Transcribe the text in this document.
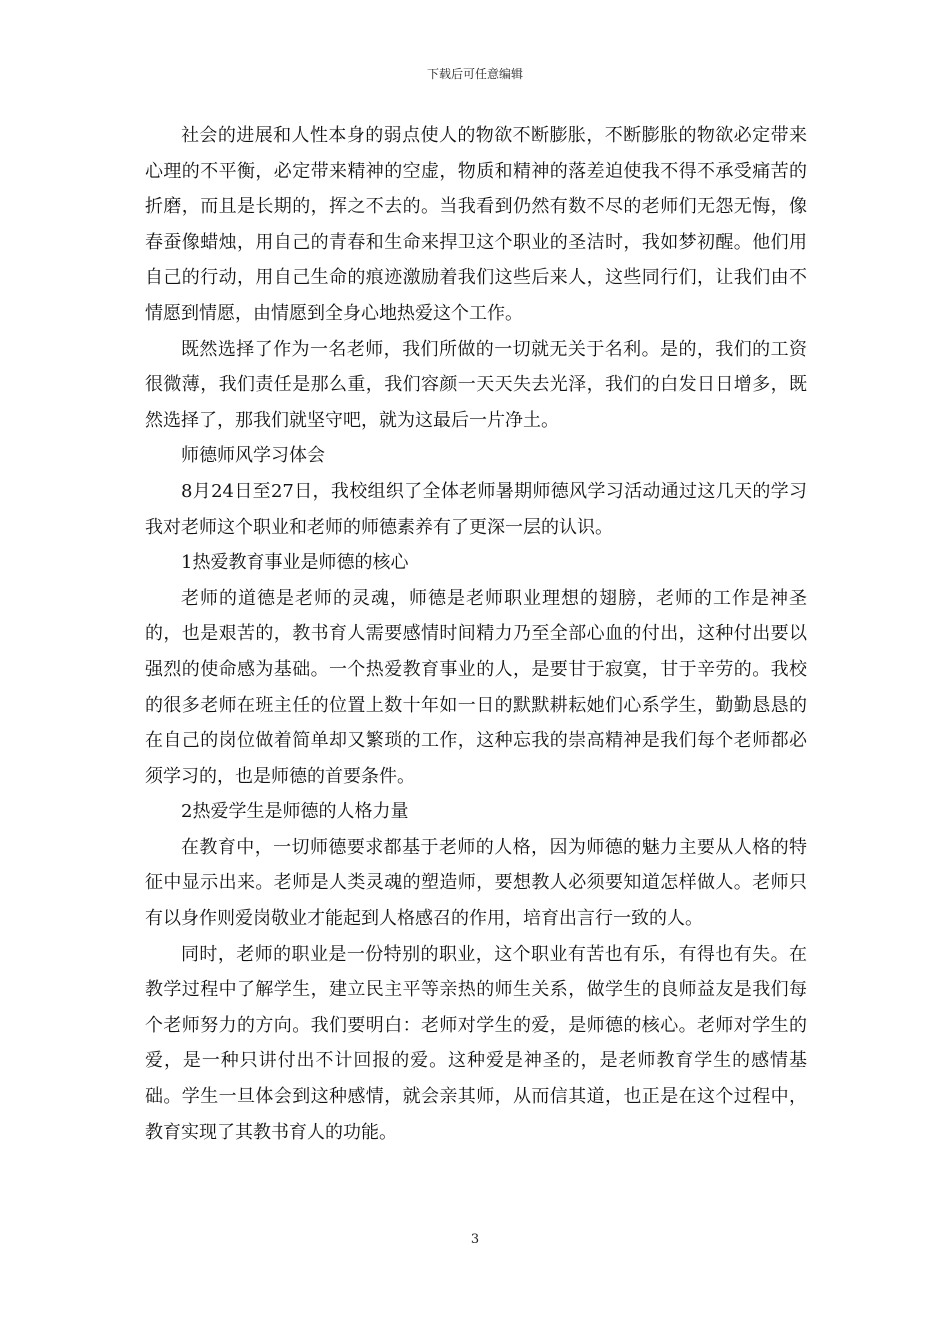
下载后可任意编辑

社会的进展和人性本身的弱点使人的物欲不断膨胀，不断膨胀的物欲必定带来心理的不平衡，必定带来精神的空虚，物质和精神的落差迫使我不得不承受痛苦的折磨，而且是长期的，挥之不去的。当我看到仍然有数不尽的老师们无怨无悔，像春蚕像蜡烛，用自己的青春和生命来捍卫这个职业的圣洁时，我如梦初醒。他们用自己的行动，用自己生命的痕迹激励着我们这些后来人，这些同行们，让我们由不情愿到情愿，由情愿到全身心地热爱这个工作。

既然选择了作为一名老师，我们所做的一切就无关于名利。是的，我们的工资很微薄，我们责任是那么重，我们容颜一天天失去光泽，我们的白发日日增多，既然选择了，那我们就坚守吧，就为这最后一片净土。

师德师风学习体会

8月24日至27日，我校组织了全体老师暑期师德风学习活动通过这几天的学习我对老师这个职业和老师的师德素养有了更深一层的认识。

1热爱教育事业是师德的核心

老师的道德是老师的灵魂，师德是老师职业理想的翅膀，老师的工作是神圣的，也是艰苦的，教书育人需要感情时间精力乃至全部心血的付出，这种付出要以强烈的使命感为基础。一个热爱教育事业的人，是要甘于寂寞，甘于辛劳的。我校的很多老师在班主任的位置上数十年如一日的默默耕耘她们心系学生，勤勤恳恳的在自己的岗位做着简单却又繁琐的工作，这种忘我的崇高精神是我们每个老师都必须学习的，也是师德的首要条件。

2热爱学生是师德的人格力量

在教育中，一切师德要求都基于老师的人格，因为师德的魅力主要从人格的特征中显示出来。老师是人类灵魂的塑造师，要想教人必须要知道怎样做人。老师只有以身作则爱岗敬业才能起到人格感召的作用，培育出言行一致的人。

同时，老师的职业是一份特别的职业，这个职业有苦也有乐，有得也有失。在教学过程中了解学生，建立民主平等亲热的师生关系，做学生的良师益友是我们每个老师努力的方向。我们要明白：老师对学生的爱，是师德的核心。老师对学生的爱，是一种只讲付出不计回报的爱。这种爱是神圣的，是老师教育学生的感情基础。学生一旦体会到这种感情，就会亲其师，从而信其道，也正是在这个过程中，教育实现了其教书育人的功能。

3
